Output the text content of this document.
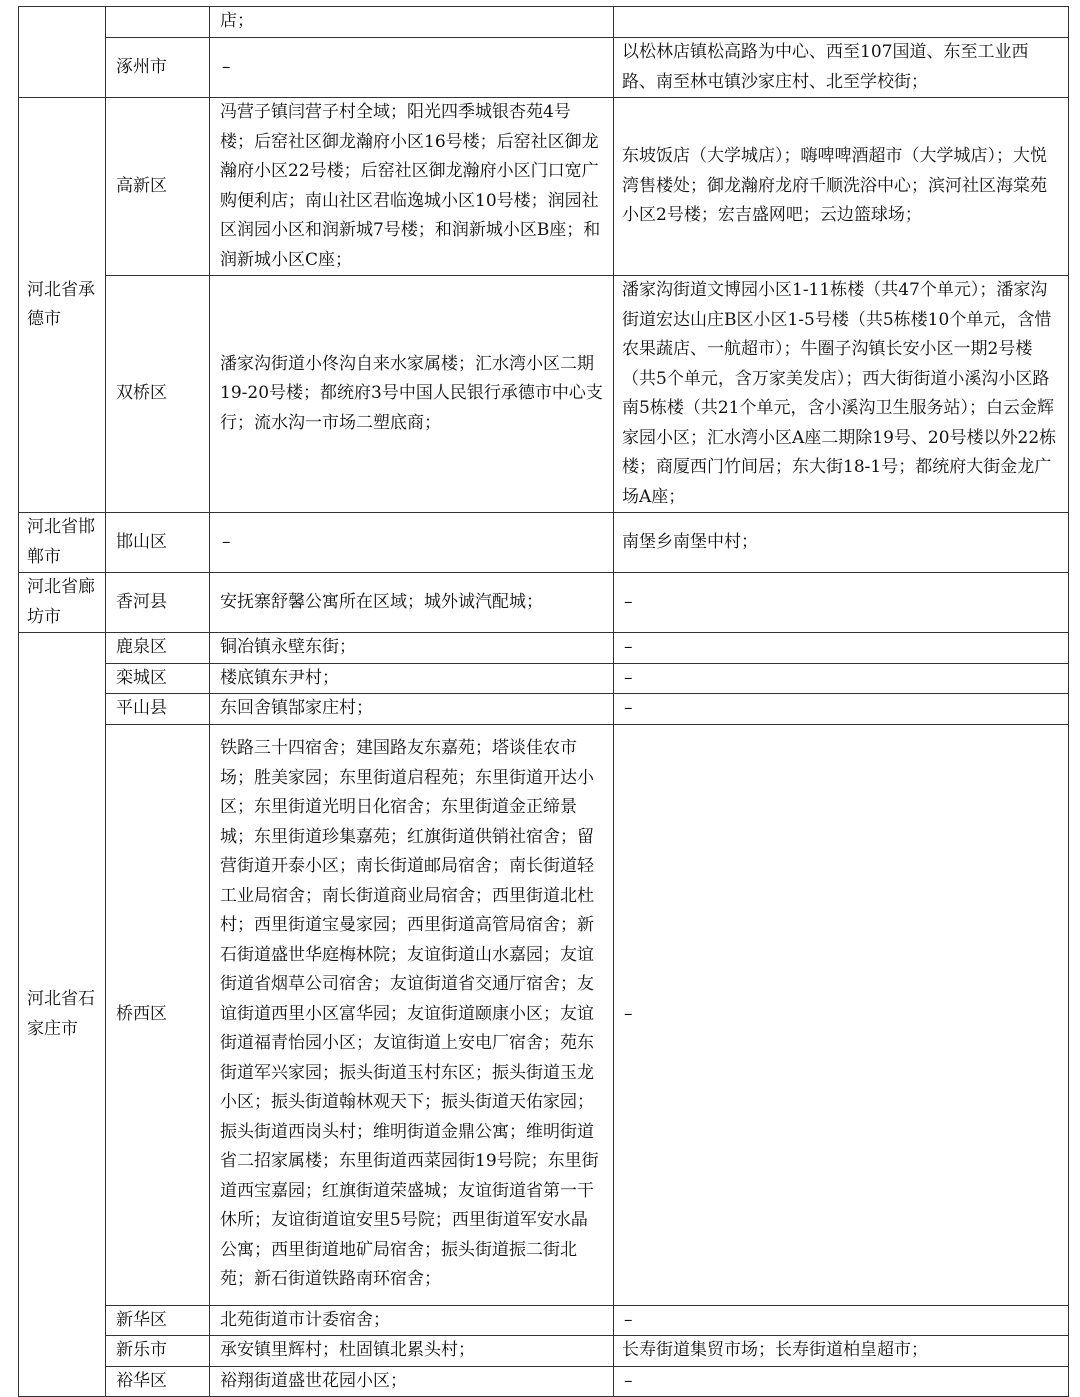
		店；	
	涿州市	–	以松林店镇松高路为中心、西至107国道、东至工业西路、南至林屯镇沙家庄村、北至学校街；
河北省承德市	高新区	冯营子镇闫营子村全域；阳光四季城银杏苑4号楼；后窑社区御龙瀚府小区16号楼；后窑社区御龙瀚府小区22号楼；后窑社区御龙瀚府小区门口宽广购便利店；南山社区君临逸城小区10号楼；润园社区润园小区和润新城7号楼；和润新城小区B座；和润新城小区C座；	东坡饭店（大学城店）；嗨啤啤酒超市（大学城店）；大悦湾售楼处；御龙瀚府龙府千顺洗浴中心；滨河社区海棠苑小区2号楼；宏吉盛网吧；云边篮球场；
	双桥区	潘家沟街道小佟沟自来水家属楼；汇水湾小区二期19-20号楼；都统府3号中国人民银行承德市中心支行；流水沟一市场二塑底商；	潘家沟街道文博园小区1-11栋楼（共47个单元）；潘家沟街道宏达山庄B区小区1-5号楼（共5栋楼10个单元，含惜农果蔬店、一航超市）；牛圈子沟镇长安小区一期2号楼（共5个单元，含万家美发店）；西大街街道小溪沟小区路南5栋楼（共21个单元，含小溪沟卫生服务站）；白云金辉家园小区；汇水湾小区A座二期除19号、20号楼以外22栋楼；商厦西门竹间居；东大街18-1号；都统府大街金龙广场A座；
河北省邯郸市	邯山区	–	南堡乡南堡中村；
河北省廊坊市	香河县	安抚寨舒馨公寓所在区域；城外诚汽配城；	–
河北省石家庄市	鹿泉区	铜冶镇永壁东街；	–
	栾城区	楼底镇东尹村；	–
	平山县	东回舍镇郜家庄村；	–
	桥西区	铁路三十四宿舍；建国路友东嘉苑；塔谈佳农市场；胜美家园；东里街道启程苑；东里街道开达小区；东里街道光明日化宿舍；东里街道金正缔景城；东里街道珍集嘉苑；红旗街道供销社宿舍；留营街道开泰小区；南长街道邮局宿舍；南长街道轻工业局宿舍；南长街道商业局宿舍；西里街道北杜村；西里街道宝曼家园；西里街道高管局宿舍；新石街道盛世华庭梅林院；友谊街道山水嘉园；友谊街道省烟草公司宿舍；友谊街道省交通厅宿舍；友谊街道西里小区富华园；友谊街道颐康小区；友谊街道福青怡园小区；友谊街道上安电厂宿舍；苑东街道军兴家园；振头街道玉村东区；振头街道玉龙小区；振头街道翰林观天下；振头街道天佑家园；振头街道西岗头村；维明街道金鼎公寓；维明街道省二招家属楼；东里街道西菜园街19号院；东里街道西宝嘉园；红旗街道荣盛城；友谊街道省第一干休所；友谊街道谊安里5号院；西里街道军安水晶公寓；西里街道地矿局宿舍；振头街道振二街北苑；新石街道铁路南环宿舍；	–
	新华区	北苑街道市计委宿舍；	–
	新乐市	承安镇里辉村；杜固镇北累头村；	长寿街道集贸市场；长寿街道柏皇超市；
	裕华区	裕翔街道盛世花园小区；	–
